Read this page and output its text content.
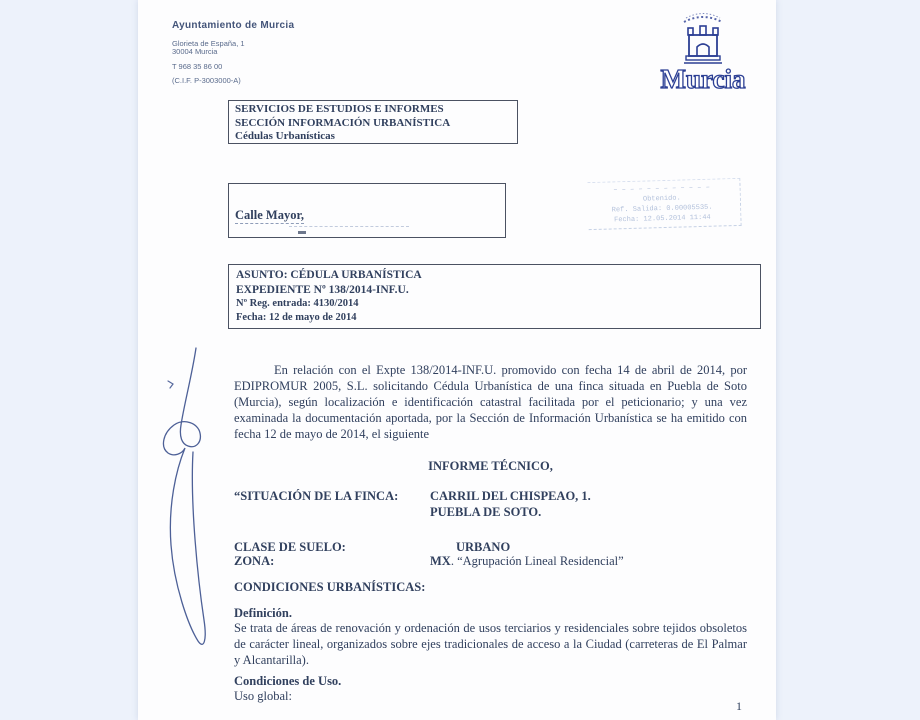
Ayuntamiento de Murcia
Glorieta de España, 1
30004 Murcia
T 968 35 86 00
(C.I.F. P-3003000-A)	Murcia
SERVICIOS DE ESTUDIOS E INFORMES
SECCIÓN INFORMACIÓN URBANÍSTICA
Cédulas Urbanísticas
Calle Mayor,
– – – – – – – – – – – –
Obtenido.
Ref. Salida: 0.00005535.
Fecha: 12.05.2014 11:44
ASUNTO: CÉDULA URBANÍSTICA
EXPEDIENTE Nº 138/2014-INF.U.
Nº Reg. entrada: 4130/2014
Fecha: 12 de mayo de 2014
En relación con el Expte 138/2014-INF.U. promovido con fecha 14 de abril de 2014, por EDIPROMUR 2005, S.L. solicitando Cédula Urbanística de una finca situada en Puebla de Soto (Murcia), según localización e identificación catastral facilitada por el peticionario; y una vez examinada la documentación aportada, por la Sección de Información Urbanística se ha emitido con fecha 12 de mayo de 2014, el siguiente
INFORME TÉCNICO,
“SITUACIÓN DE LA FINCA:	CARRIL DEL CHISPEAO, 1.
PUEBLA DE SOTO.
CLASE DE SUELO:	URBANO
ZONA:	MX. “Agrupación Lineal Residencial”
CONDICIONES URBANÍSTICAS:
Definición.
Se trata de áreas de renovación y ordenación de usos terciarios y residenciales sobre tejidos obsoletos de carácter lineal, organizados sobre ejes tradicionales de acceso a la Ciudad (carreteras de El Palmar y Alcantarilla).
Condiciones de Uso.
Uso global:
1
